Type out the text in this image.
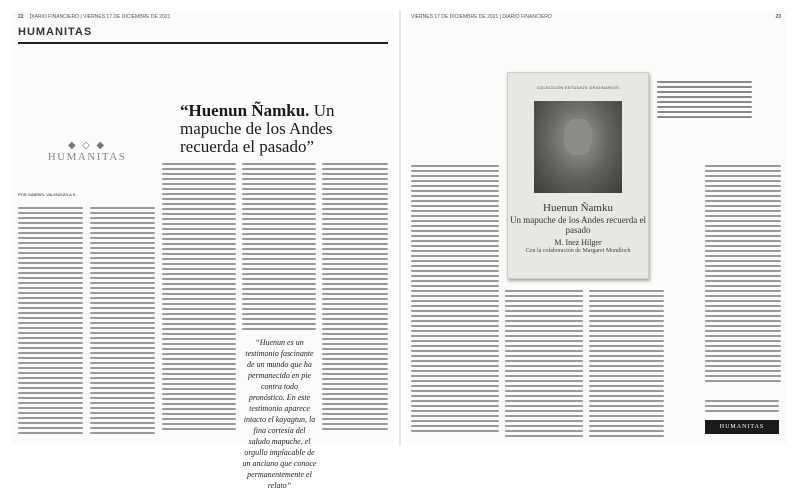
22 DIARIO FINANCIERO | VIERNES 17 DE DICIEMBRE DE 2021
HUMANITAS
“Huenun Ñamku. Un mapuche de los Andes recuerda el pasado”
◆ ◇ ◆
HUMANITAS
POR GABRIEL VALENZUELA S.
“Huenun es un testimonio fascinante de un mundo que ha permanecido en pie contra todo pronóstico. En este testimonio aparece intacto el kayagtun, la fina cortesía del saludo mapuche, el orgullo implacable de un anciano que conoce permanentemente el relato”
VIERNES 17 DE DICIEMBRE DE 2021 | DIARIO FINANCIERO	23
COLECCIÓN ESTUDIOS ORIGINARIOS
Huenun Ñamku
Un mapuche de los Andes recuerda el pasado
M. Inez Hilger
Con la colaboración de Margaret Mondloch
HUMANITAS
